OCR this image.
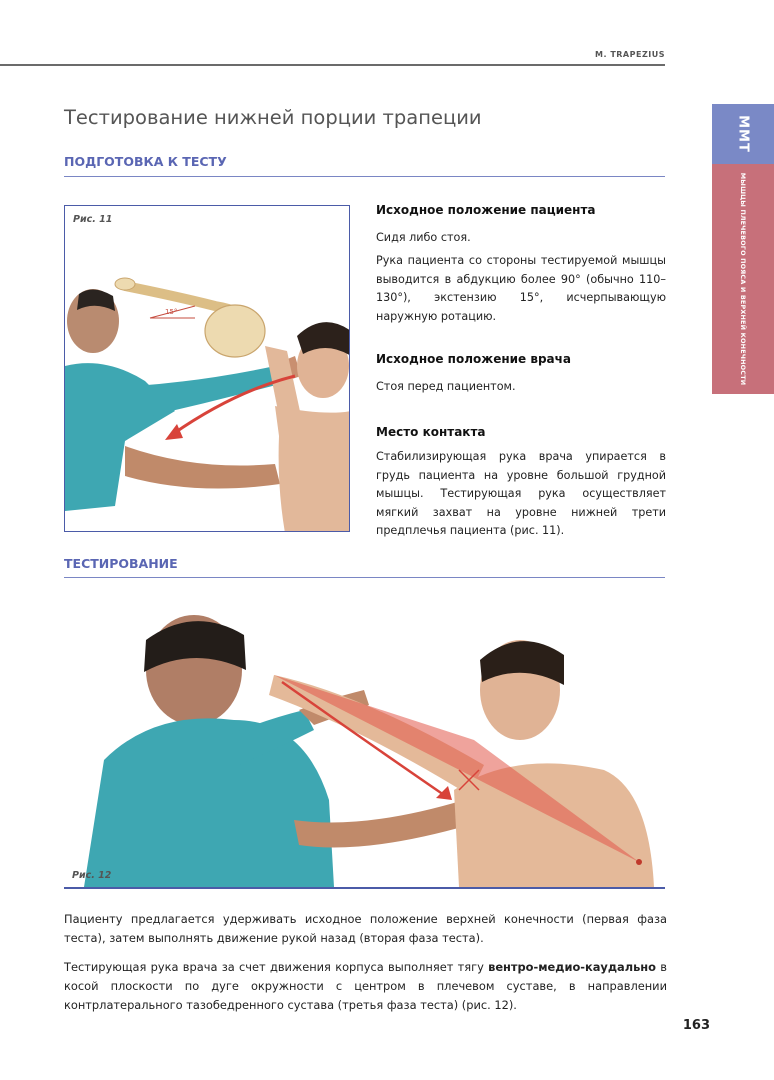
M. TRAPEZIUS
MMT
МЫШЦЫ ПЛЕЧЕВОГО ПОЯСА И ВЕРХНЕЙ КОНЕЧНОСТИ
Тестирование нижней порции трапеции
ПОДГОТОВКА К ТЕСТУ
15°
Рис. 11
Исходное положение пациента
Сидя либо стоя.
Рука пациента со стороны тестируемой мышцы выводится в абдукцию более 90° (обычно 110–130°), экстензию 15°, исчерпывающую наружную ротацию.
Исходное положение врача
Стоя перед пациентом.
Место контакта
Стабилизирующая рука врача упирается в грудь пациента на уровне большой грудной мышцы. Тестирующая рука осуществляет мягкий захват на уровне нижней трети предплечья пациента (рис. 11).
ТЕСТИРОВАНИЕ
Рис. 12
Пациенту предлагается удерживать исходное положение верхней конечности (первая фаза теста), затем выполнять движение рукой назад (вторая фаза теста).
Тестирующая рука врача за счет движения корпуса выполняет тягу вентро-медио-каудально в косой плоскости по дуге окружности с центром в плечевом суставе, в направлении контрлатерального тазобедренного сустава (третья фаза теста) (рис. 12).
163
